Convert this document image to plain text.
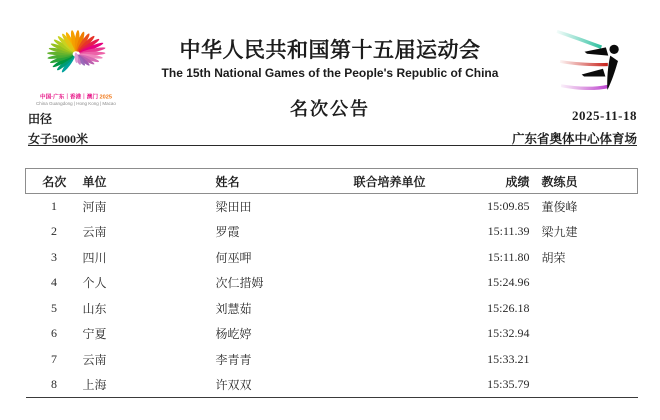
中国·广东｜香港｜澳门 2025
China Guangdong | Hong Kong | Macao
中华人民共和国第十五届运动会
The 15th National Games of the People's Republic of China
名次公告
田径	2025-11-18
女子5000米	广东省奥体中心体育场
名次	单位	姓名	联合培养单位	成绩	教练员
1	河南	梁田田		15:09.85	董俊峰
2	云南	罗霞		15:11.39	梁九建
3	四川	何巫呷		15:11.80	胡荣
4	个人	次仁措姆		15:24.96	
5	山东	刘慧茹		15:26.18	
6	宁夏	杨屹婷		15:32.94	
7	云南	李青青		15:33.21	
8	上海	许双双		15:35.79	
